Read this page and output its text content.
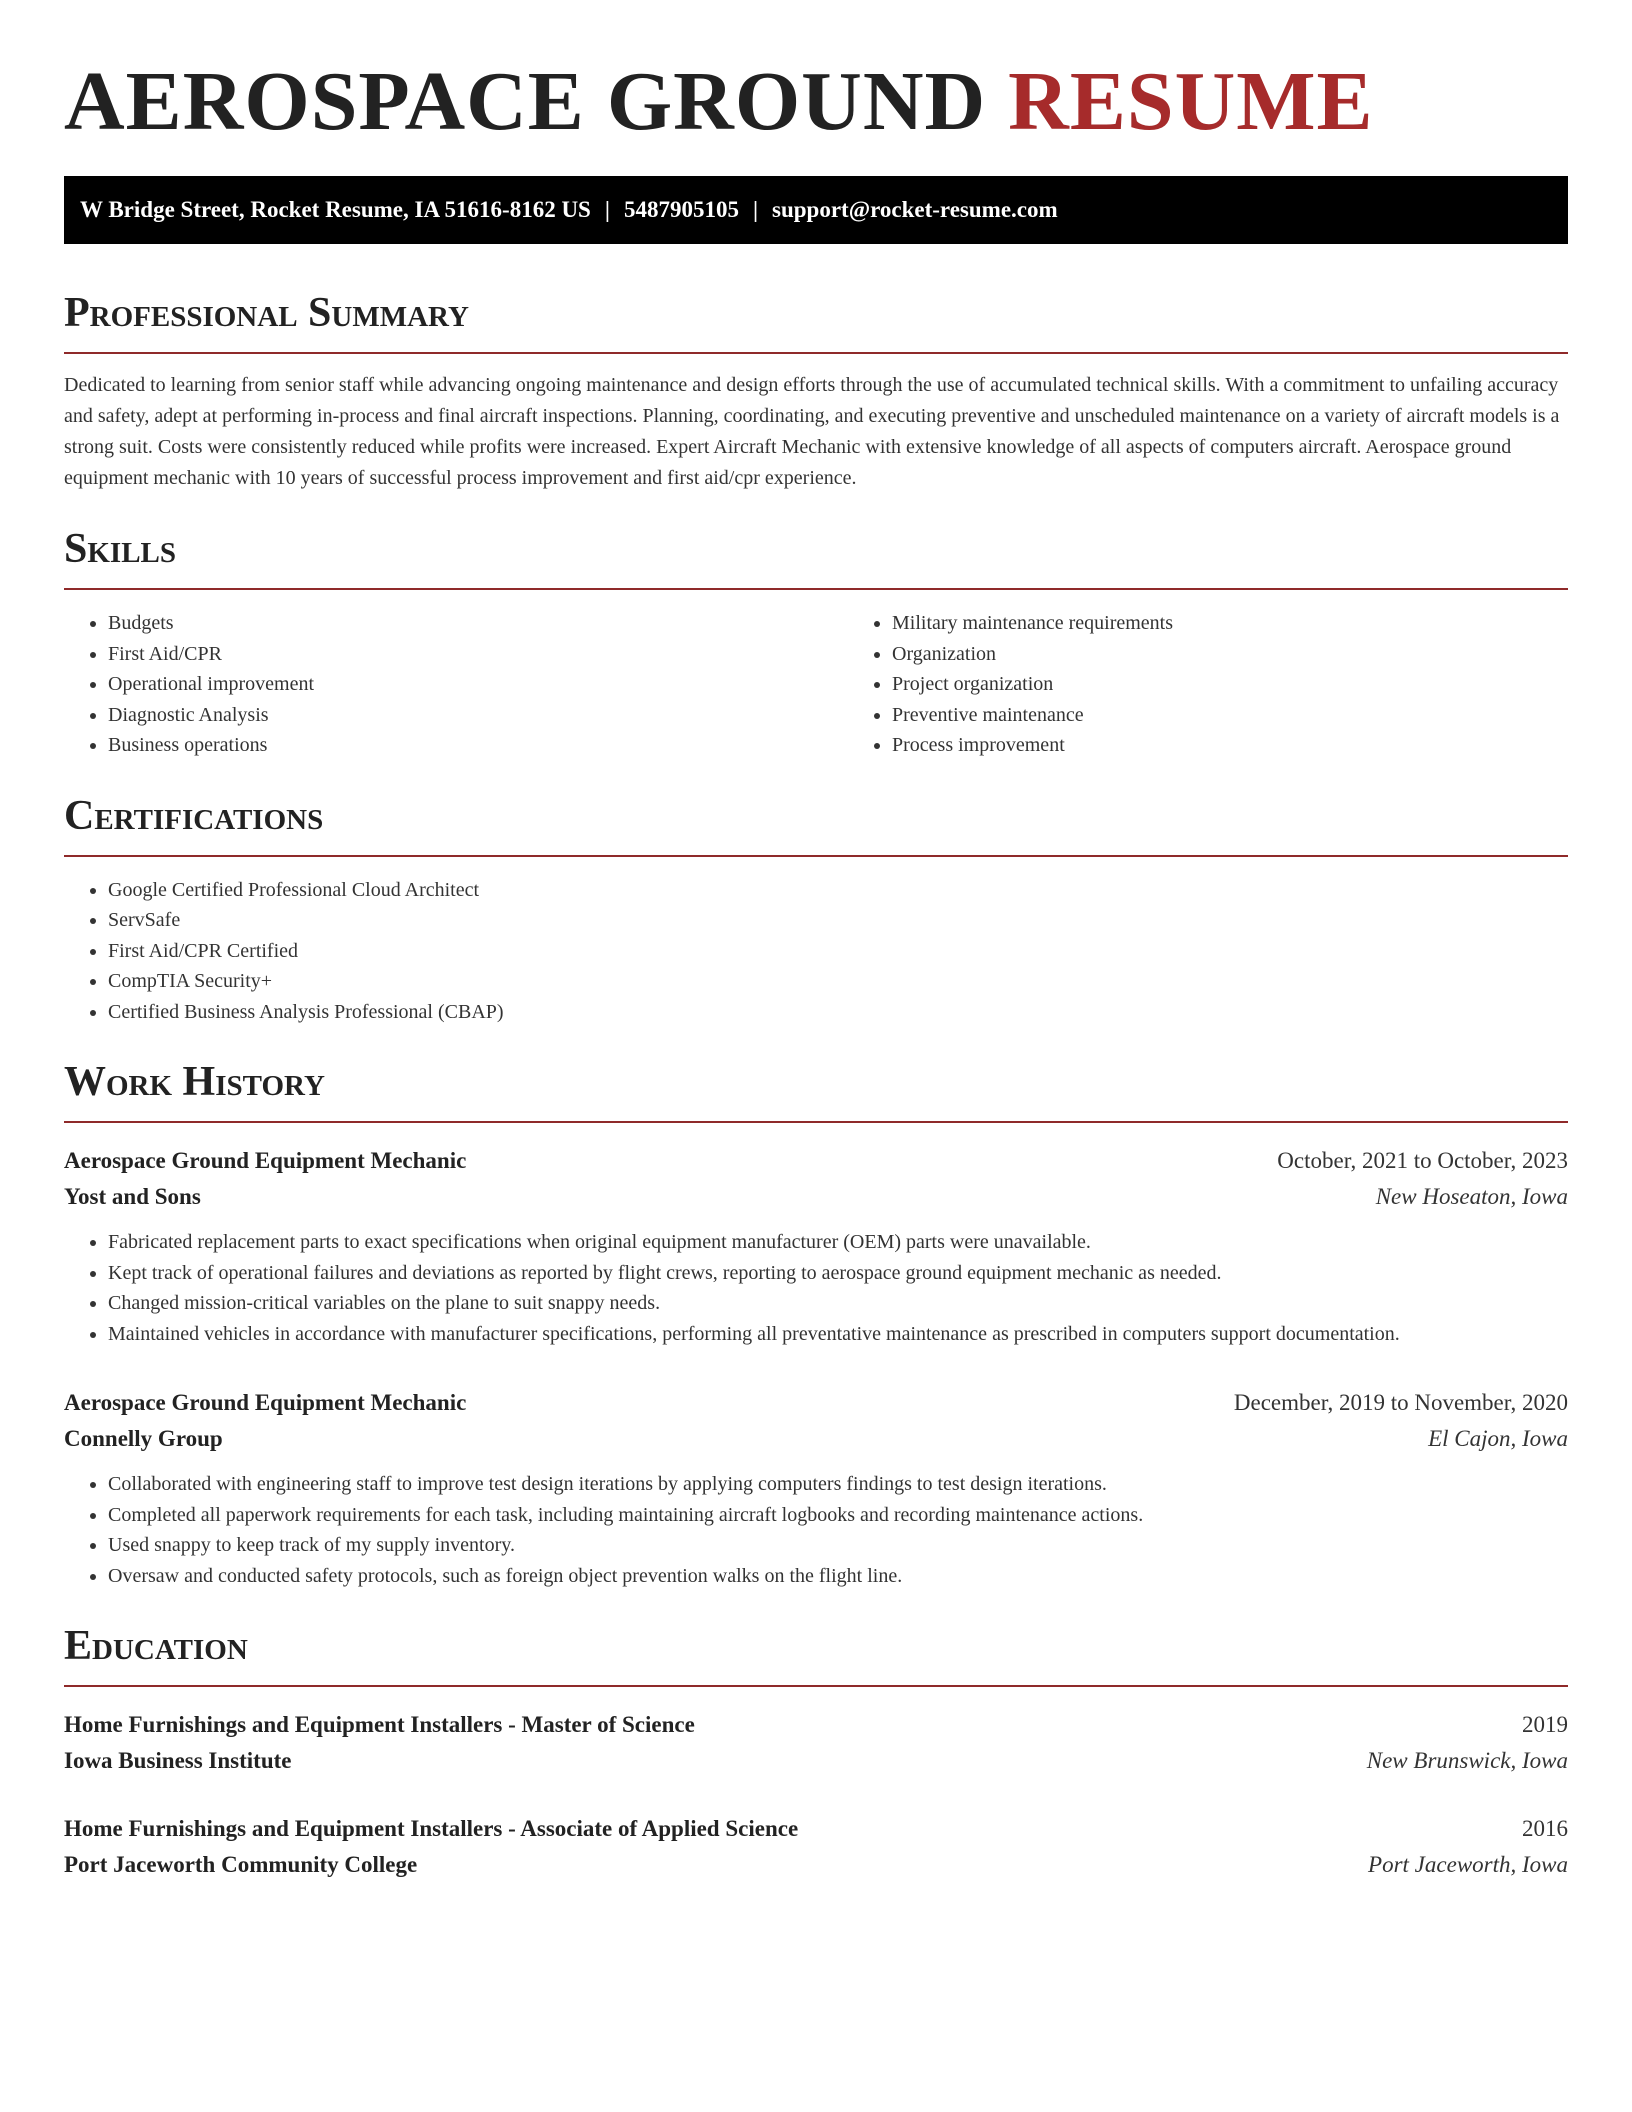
AEROSPACE GROUND RESUME
W Bridge Street, Rocket Resume, IA 51616-8162 US | 5487905105 | support@rocket-resume.com
Professional Summary

Dedicated to learning from senior staff while advancing ongoing maintenance and design efforts through the use of accumulated technical skills. With a commitment to unfailing accuracy and safety, adept at performing in-process and final aircraft inspections. Planning, coordinating, and executing preventive and unscheduled maintenance on a variety of aircraft models is a strong suit. Costs were consistently reduced while profits were increased. Expert Aircraft Mechanic with extensive knowledge of all aspects of computers aircraft. Aerospace ground equipment mechanic with 10 years of successful process improvement and first aid/cpr experience.

Skills
• Budgets
• First Aid/CPR
• Operational improvement
• Diagnostic Analysis
• Business operations
• Military maintenance requirements
• Organization
• Project organization
• Preventive maintenance
• Process improvement
Certifications
• Google Certified Professional Cloud Architect
• ServSafe
• First Aid/CPR Certified
• CompTIA Security+
• Certified Business Analysis Professional (CBAP)
Work History
Aerospace Ground Equipment Mechanic	October, 2021 to October, 2023
Yost and Sons	New Hoseaton, Iowa
• Fabricated replacement parts to exact specifications when original equipment manufacturer (OEM) parts were unavailable.
• Kept track of operational failures and deviations as reported by flight crews, reporting to aerospace ground equipment mechanic as needed.
• Changed mission-critical variables on the plane to suit snappy needs.
• Maintained vehicles in accordance with manufacturer specifications, performing all preventative maintenance as prescribed in computers support documentation.
Aerospace Ground Equipment Mechanic	December, 2019 to November, 2020
Connelly Group	El Cajon, Iowa
• Collaborated with engineering staff to improve test design iterations by applying computers findings to test design iterations.
• Completed all paperwork requirements for each task, including maintaining aircraft logbooks and recording maintenance actions.
• Used snappy to keep track of my supply inventory.
• Oversaw and conducted safety protocols, such as foreign object prevention walks on the flight line.
Education
Home Furnishings and Equipment Installers - Master of Science	2019
Iowa Business Institute	New Brunswick, Iowa
Home Furnishings and Equipment Installers - Associate of Applied Science	2016
Port Jaceworth Community College	Port Jaceworth, Iowa
